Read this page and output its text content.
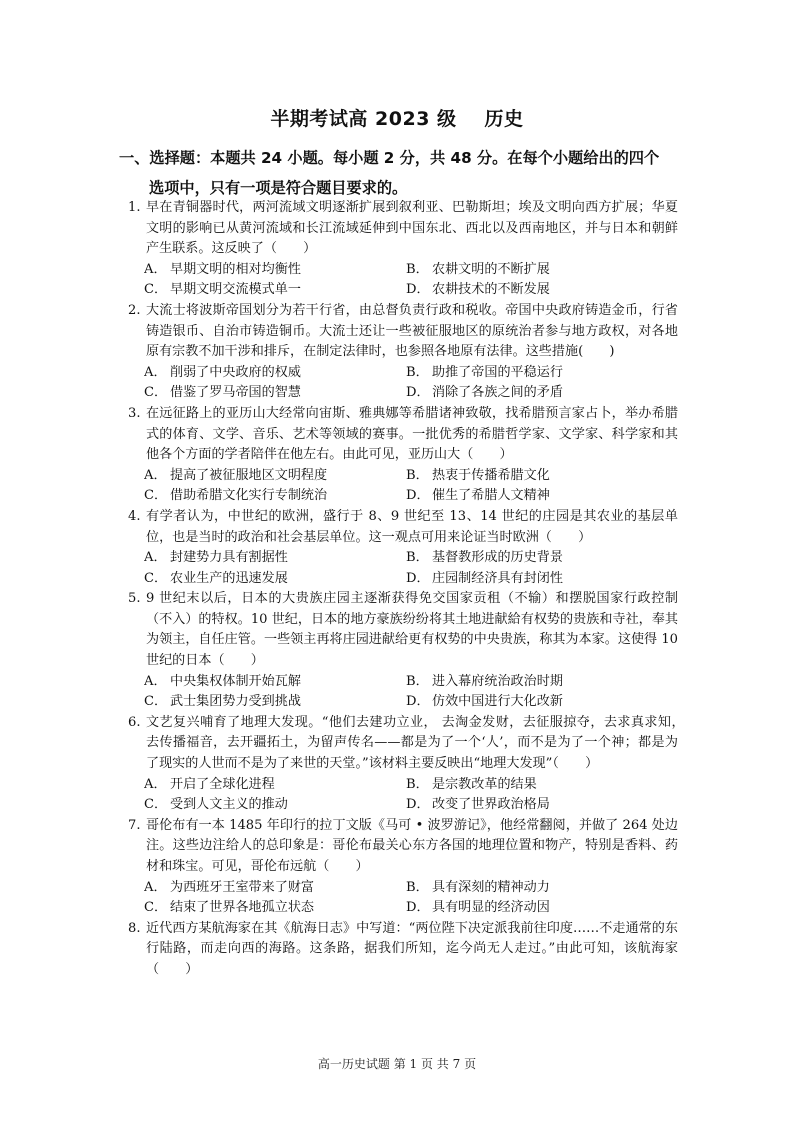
半期考试高 2023 级 历史
一、选择题：本题共 24 小题。每小题 2 分，共 48 分。在每个小题给出的四个
选项中，只有一项是符合题目要求的。
1. 早在青铜器时代，两河流域文明逐渐扩展到叙利亚、巴勒斯坦；埃及文明向西方扩展；华夏文明的影响已从黄河流域和长江流域延伸到中国东北、西北以及西南地区，并与日本和朝鲜产生联系。这反映了（　　）
A． 早期文明的相对均衡性	B． 农耕文明的不断扩展
C． 早期文明交流模式单一	D． 农耕技术的不断发展
2. 大流士将波斯帝国划分为若干行省，由总督负责行政和税收。帝国中央政府铸造金币，行省铸造银币、自治市铸造铜币。大流士还让一些被征服地区的原统治者参与地方政权，对各地原有宗教不加干涉和排斥，在制定法律时，也参照各地原有法律。这些措施(　　)
A． 削弱了中央政府的权威	B． 助推了帝国的平稳运行
C． 借鉴了罗马帝国的智慧	D． 消除了各族之间的矛盾
3. 在远征路上的亚历山大经常向宙斯、雅典娜等希腊诸神致敬，找希腊预言家占卜，举办希腊式的体育、文学、音乐、艺术等领域的赛事。一批优秀的希腊哲学家、文学家、科学家和其他各个方面的学者陪伴在他左右。由此可见，亚历山大（　　）
A． 提高了被征服地区文明程度	B． 热衷于传播希腊文化
C． 借助希腊文化实行专制统治	D． 催生了希腊人文精神
4. 有学者认为，中世纪的欧洲，盛行于 8、9 世纪至 13、14 世纪的庄园是其农业的基层单位，也是当时的政治和社会基层单位。这一观点可用来论证当时欧洲（　　）
A． 封建势力具有割据性	B． 基督教形成的历史背景
C． 农业生产的迅速发展	D． 庄园制经济具有封闭性
5. 9 世纪末以后，日本的大贵族庄园主逐渐获得免交国家贡租（不输）和摆脱国家行政控制（不入）的特权。10 世纪，日本的地方豪族纷纷将其土地进献給有权势的贵族和寺社，奉其为领主，自任庄管。一些领主再将庄园进献给更有权势的中央贵族，称其为本家。这使得 10 世纪的日本（　　）
A． 中央集权体制开始瓦解	B． 进入幕府统治政治时期
C． 武士集团势力受到挑战	D． 仿效中国进行大化改新
6. 文艺复兴哺育了地理大发现。“他们去建功立业， 去淘金发财，去征服掠夺，去求真求知，　去传播福音，去开疆拓土，为留声传名——都是为了一个‘人’，而不是为了一个神；都是为了现实的人世而不是为了来世的天堂。”该材料主要反映出“地理大发现”（　　）
A． 开启了全球化进程	B． 是宗教改革的结果
C． 受到人文主义的推动	D． 改变了世界政治格局
7. 哥伦布有一本 1485 年印行的拉丁文版《马可 • 波罗游记》，他经常翻阅，并做了 264 处边注。这些边注给人的总印象是：哥伦布最关心东方各国的地理位置和物产，特别是香料、药材和珠宝。可见，哥伦布远航（　　）
A． 为西班牙王室带来了财富	B． 具有深刻的精神动力
C． 结束了世界各地孤立状态	D． 具有明显的经济动因
8. 近代西方某航海家在其《航海日志》中写道：“两位陛下决定派我前往印度……不走通常的东行陆路，而走向西的海路。这条路，据我们所知，迄今尚无人走过。”由此可知，该航海家（　　）
高一历史试题 第 1 页 共 7 页
